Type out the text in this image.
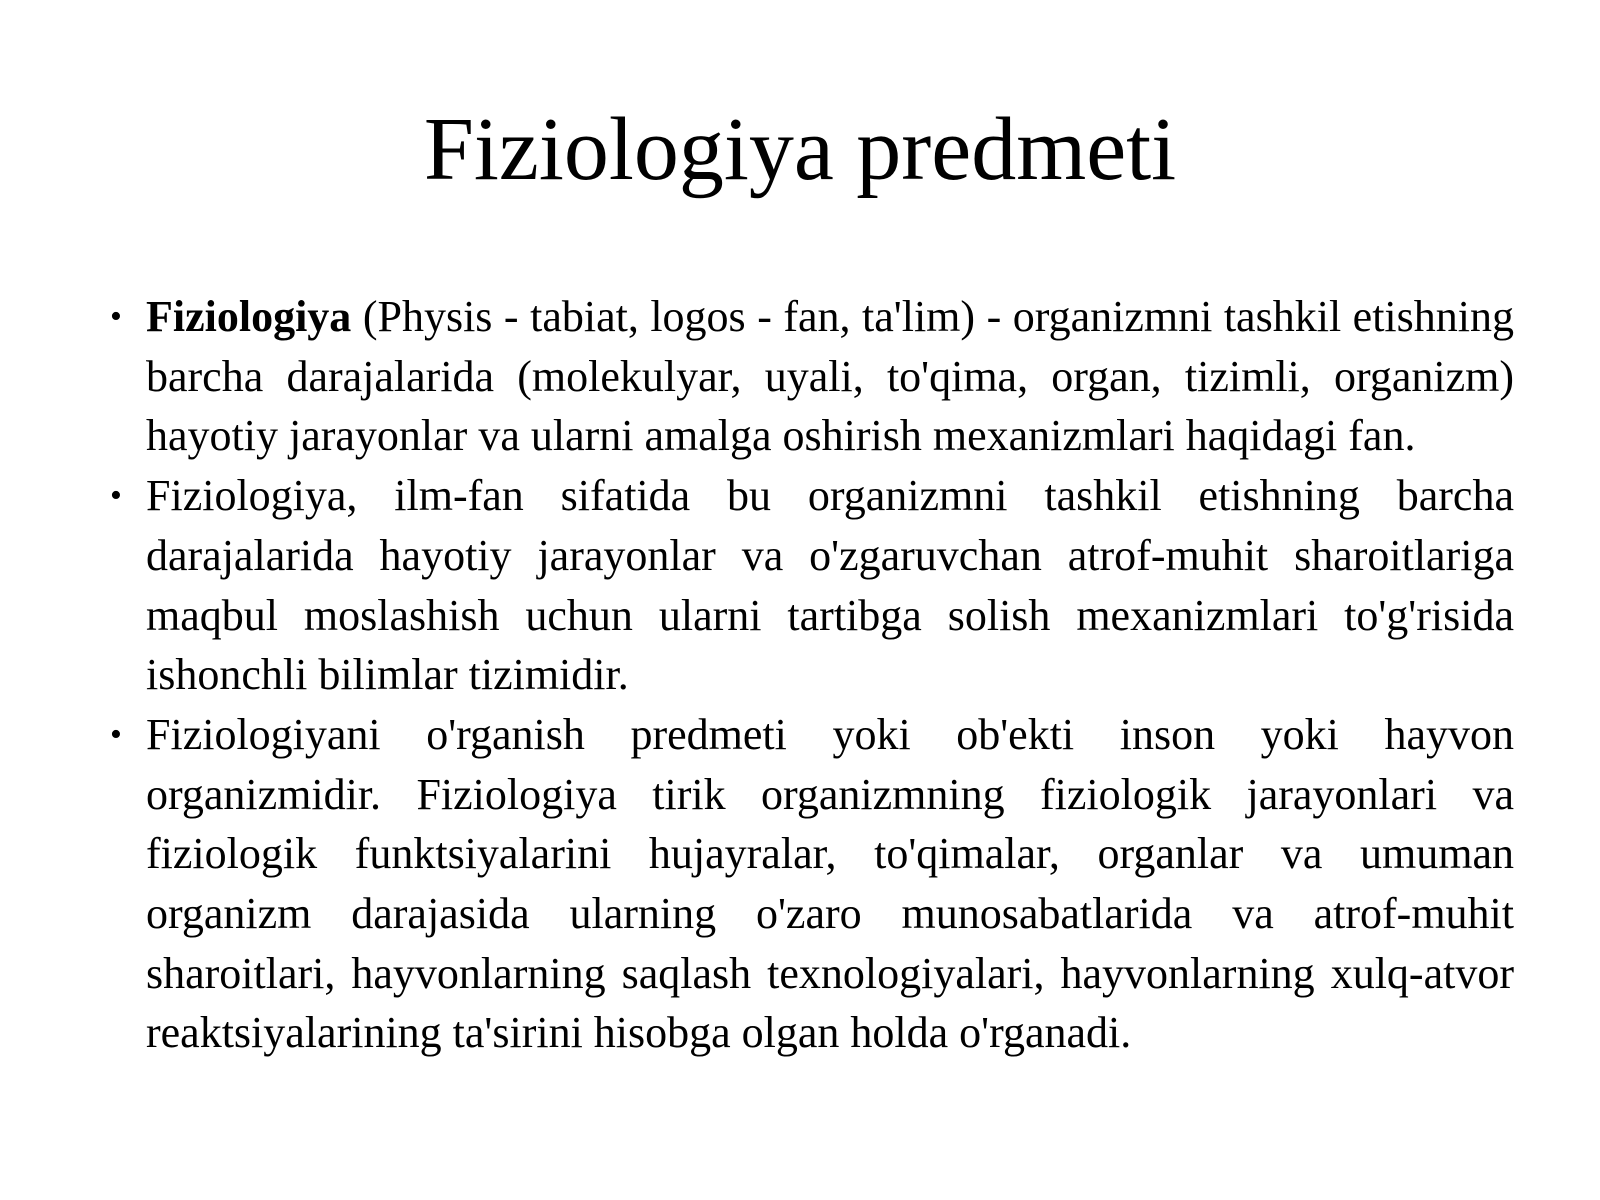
Fiziologiya predmeti
• Fiziologiya (Physis - tabiat, logos - fan, ta'lim) - organizmni tashkil etishning barcha darajalarida (molekulyar, uyali, to'qima, organ, tizimli, organizm) hayotiy jarayonlar va ularni amalga oshirish mexanizmlari haqidagi fan.
• Fiziologiya, ilm-fan sifatida bu organizmni tashkil etishning barcha darajalarida hayotiy jarayonlar va o'zgaruvchan atrof-muhit sharoitlariga maqbul moslashish uchun ularni tartibga solish mexanizmlari to'g'risida ishonchli bilimlar tizimidir.
• Fiziologiyani o'rganish predmeti yoki ob'ekti inson yoki hayvon organizmidir. Fiziologiya tirik organizmning fiziologik jarayonlari va fiziologik funktsiyalarini hujayralar, to'qimalar, organlar va umuman organizm darajasida ularning o'zaro munosabatlarida va atrof-muhit sharoitlari, hayvonlarning saqlash texnologiyalari, hayvonlarning xulq-atvor reaktsiyalarining ta'sirini hisobga olgan holda o'rganadi.
